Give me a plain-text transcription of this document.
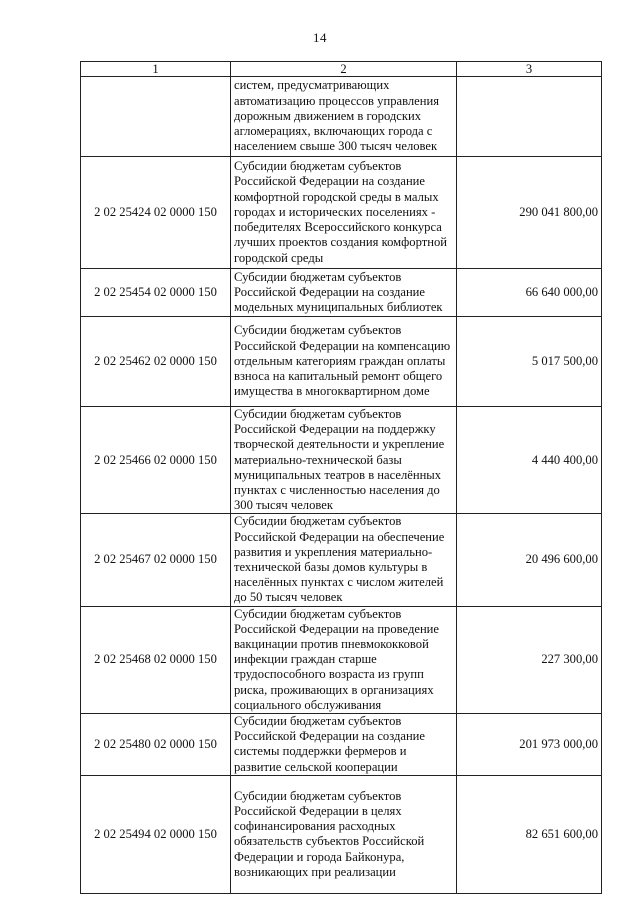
14
1	2	3
	систем, предусматривающих автоматизацию процессов управления дорожным движением в городских агломерациях, включающих города с населением свыше 300 тысяч человек	
2 02 25424 02 0000 150	Субсидии бюджетам субъектов Российской Федерации на создание комфортной городской среды в малых городах и исторических поселениях - победителях Всероссийского конкурса лучших проектов создания комфортной городской среды	290 041 800,00
2 02 25454 02 0000 150	Субсидии бюджетам субъектов Российской Федерации на создание модельных муниципальных библиотек	66 640 000,00
2 02 25462 02 0000 150	Субсидии бюджетам субъектов Российской Федерации на компенсацию отдельным категориям граждан оплаты взноса на капитальный ремонт общего имущества в многоквартирном доме	5 017 500,00
2 02 25466 02 0000 150	Субсидии бюджетам субъектов Российской Федерации на поддержку творческой деятельности и укрепление материально-технической базы муниципальных театров в населённых пунктах с численностью населения до 300 тысяч человек	4 440 400,00
2 02 25467 02 0000 150	Субсидии бюджетам субъектов Российской Федерации на обеспечение развития и укрепления материально-технической базы домов культуры в населённых пунктах с числом жителей до 50 тысяч человек	20 496 600,00
2 02 25468 02 0000 150	Субсидии бюджетам субъектов Российской Федерации на проведение вакцинации против пневмококковой инфекции граждан старше трудоспособного возраста из групп риска, проживающих в организациях социального обслуживания	227 300,00
2 02 25480 02 0000 150	Субсидии бюджетам субъектов Российской Федерации на создание системы поддержки фермеров и развитие сельской кооперации	201 973 000,00
2 02 25494 02 0000 150	Субсидии бюджетам субъектов Российской Федерации в целях софинансирования расходных обязательств субъектов Российской Федерации и города Байконура, возникающих при реализации	82 651 600,00
